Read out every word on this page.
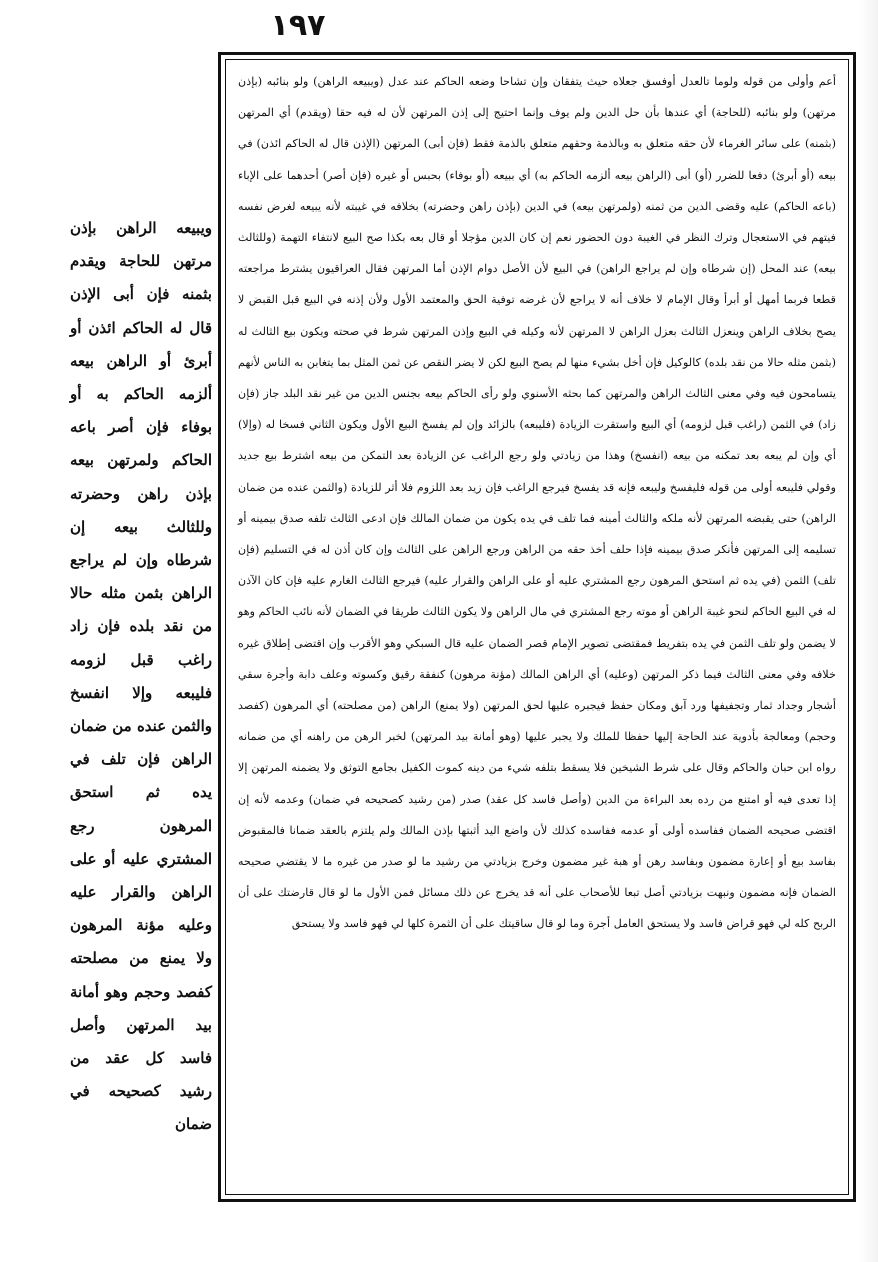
١٩٧

أعم وأولى من قوله ولوما تالعدل أوفسق جعلاه حيث يتفقان وإن تشاحا وضعه الحاكم عند عدل (ويبيعه الراهن) ولو بنائبه (بإذن مرتهن) ولو بنائبه (للحاجة) أي عندها بأن حل الدين ولم يوف وإنما احتيج إلى إذن المرتهن لأن له فيه حقا (ويقدم) أي المرتهن (بثمنه) على سائر الغرماء لأن حقه متعلق به وبالذمة وحقهم متعلق بالذمة فقط (فإن أبى) المرتهن (الإذن قال له الحاكم ائذن) في بيعه (أو أبرئ) دفعا للضرر (أو) أبى (الراهن بيعه ألزمه الحاكم به) أي ببيعه (أو بوفاء) بحبس أو غيره (فإن أصر) أحدهما على الإباء (باعه الحاكم) عليه وقضى الدين من ثمنه (ولمرتهن بيعه) في الدين (بإذن راهن وحضرته) بخلافه في غيبته لأنه يبيعه لغرض نفسه فيتهم في الاستعجال وترك النظر في الغيبة دون الحضور نعم إن كان الدين مؤجلا أو قال بعه بكذا صح البيع لانتفاء التهمة (وللثالث بيعه) عند المحل (إن شرطاه وإن لم يراجع الراهن) في البيع لأن الأصل دوام الإذن أما المرتهن فقال العراقيون يشترط مراجعته قطعا فربما أمهل أو أبرأ وقال الإمام لا خلاف أنه لا يراجع لأن غرضه توفية الحق والمعتمد الأول ولأن إذنه في البيع قبل القبض لا يصح بخلاف الراهن وينعزل الثالث بعزل الراهن لا المرتهن لأنه وكيله في البيع وإذن المرتهن شرط في صحته ويكون بيع الثالث له (بثمن مثله حالا من نقد بلده) كالوكيل فإن أخل بشيء منها لم يصح البيع لكن لا يضر النقص عن ثمن المثل بما يتغابن به الناس لأنهم يتسامحون فيه وفي معنى الثالث الراهن والمرتهن كما بحثه الأسنوي ولو رأى الحاكم بيعه بجنس الدين من غير نقد البلد جاز (فإن زاد) في الثمن (راغب قبل لزومه) أي البيع واستقرت الزيادة (فليبعه) بالزائد وإن لم يفسخ البيع الأول ويكون الثاني فسخا له (وإلا) أي وإن لم يبعه بعد تمكنه من بيعه (انفسخ) وهذا من زيادتي ولو رجع الراغب عن الزيادة بعد التمكن من بيعه اشترط بيع جديد وقولي فليبعه أولى من قوله فليفسخ وليبعه فإنه قد يفسخ فيرجع الراغب فإن زيد بعد اللزوم فلا أثر للزيادة (والثمن عنده من ضمان الراهن) حتى يقبضه المرتهن لأنه ملكه والثالث أمينه فما تلف في يده يكون من ضمان المالك فإن ادعى الثالث تلفه صدق بيمينه أو تسليمه إلى المرتهن فأنكر صدق بيمينه فإذا حلف أخذ حقه من الراهن ورجع الراهن على الثالث وإن كان أذن له في التسليم (فإن تلف) الثمن (في يده ثم استحق المرهون رجع المشتري عليه أو على الراهن والقرار عليه) فيرجع الثالث الغارم عليه فإن كان الآذن له في البيع الحاكم لنحو غيبة الراهن أو موته رجع المشتري في مال الراهن ولا يكون الثالث طريقا في الضمان لأنه نائب الحاكم وهو لا يضمن ولو تلف الثمن في يده بتفريط فمقتضى تصوير الإمام قصر الضمان عليه قال السبكي وهو الأقرب وإن اقتضى إطلاق غيره خلافه وفي معنى الثالث فيما ذكر المرتهن (وعليه) أي الراهن المالك (مؤنة مرهون) كنفقة رقيق وكسوته وعلف دابة وأجرة سقي أشجار وجداد ثمار وتجفيفها ورد آبق ومكان حفظ فيجبره عليها لحق المرتهن (ولا يمنع) الراهن (من مصلحته) أي المرهون (كفصد وحجم) ومعالجة بأدوية عند الحاجة إليها حفظا للملك ولا يجبر عليها (وهو أمانة بيد المرتهن) لخبر الرهن من راهنه أي من ضمانه رواه ابن حبان والحاكم وقال على شرط الشيخين فلا يسقط بتلفه شيء من دينه كموت الكفيل بجامع التوثق ولا يضمنه المرتهن إلا إذا تعدى فيه أو امتنع من رده بعد البراءة من الدين (وأصل فاسد كل عقد) صدر (من رشيد كصحيحه في ضمان) وعدمه لأنه إن اقتضى صحيحه الضمان ففاسده أولى أو عدمه ففاسده كذلك لأن واضع اليد أثبتها بإذن المالك ولم يلتزم بالعقد ضمانا فالمقبوض بفاسد بيع أو إعارة مضمون وبفاسد رهن أو هبة غير مضمون وخرج بزيادتي من رشيد ما لو صدر من غيره ما لا يقتضي صحيحه الضمان فإنه مضمون ونبهت بزيادتي أصل تبعا للأصحاب على أنه قد يخرج عن ذلك مسائل فمن الأول ما لو قال قارضتك على أن الربح كله لي فهو قراض فاسد ولا يستحق العامل أجرة وما لو قال ساقيتك على أن الثمرة كلها لي فهو فاسد ولا يستحق

ويبيعه الراهن بإذن مرتهن للحاجة ويقدم بثمنه فإن أبى الإذن قال له الحاكم ائذن أو أبرئ أو الراهن بيعه ألزمه الحاكم به أو بوفاء فإن أصر باعه الحاكم ولمرتهن بيعه بإذن راهن وحضرته وللثالث بيعه إن شرطاه وإن لم يراجع الراهن بثمن مثله حالا من نقد بلده فإن زاد راغب قبل لزومه فليبعه وإلا انفسخ والثمن عنده من ضمان الراهن فإن تلف في يده ثم استحق المرهون رجع المشتري عليه أو على الراهن والقرار عليه وعليه مؤنة المرهون ولا يمنع من مصلحته كفصد وحجم وهو أمانة بيد المرتهن وأصل فاسد كل عقد من رشيد كصحيحه في ضمان
